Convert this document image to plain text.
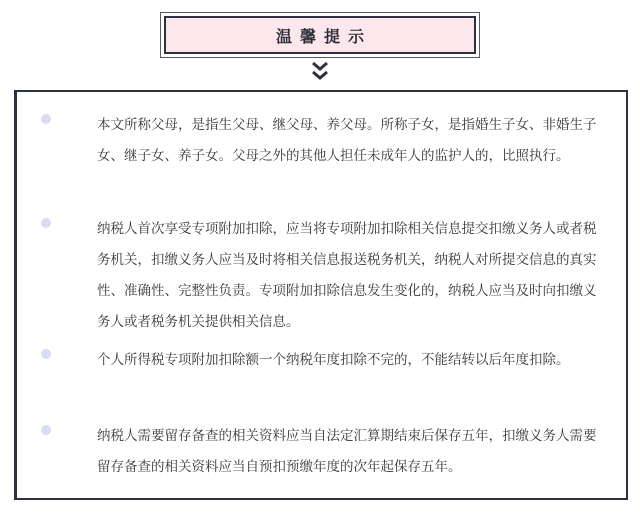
温馨提示
本文所称父母，是指生父母、继父母、养父母。所称子女，是指婚生子女、非婚生子女、继子女、养子女。父母之外的其他人担任未成年人的监护人的，比照执行。
纳税人首次享受专项附加扣除，应当将专项附加扣除相关信息提交扣缴义务人或者税务机关，扣缴义务人应当及时将相关信息报送税务机关，纳税人对所提交信息的真实性、准确性、完整性负责。专项附加扣除信息发生变化的，纳税人应当及时向扣缴义务人或者税务机关提供相关信息。
个人所得税专项附加扣除额一个纳税年度扣除不完的，不能结转以后年度扣除。
纳税人需要留存备查的相关资料应当自法定汇算期结束后保存五年，扣缴义务人需要留存备查的相关资料应当自预扣预缴年度的次年起保存五年。
